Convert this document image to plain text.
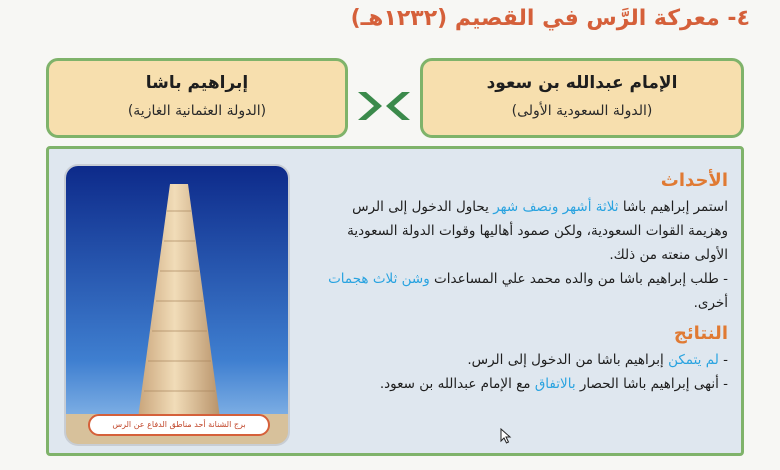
٤- معركة الرَّس في القصيم (١٢٣٢هـ)
الإمام عبدالله بن سعود
(الدولة السعودية الأولى)
إبراهيم باشا
(الدولة العثمانية الغازية)
برج الشنانة أحد مناطق الدفاع عن الرس
الأحداث

استمر إبراهيم باشا ثلاثة أشهر ونصف شهر يحاول الدخول إلى الرس وهزيمة القوات السعودية، ولكن صمود أهاليها وقوات الدولة السعودية الأولى منعته من ذلك.

- طلب إبراهيم باشا من والده محمد علي المساعدات وشن ثلاث هجمات أخرى.

النتائج

- لم يتمكن إبراهيم باشا من الدخول إلى الرس.

- أنهى إبراهيم باشا الحصار بالاتفاق مع الإمام عبدالله بن سعود.
